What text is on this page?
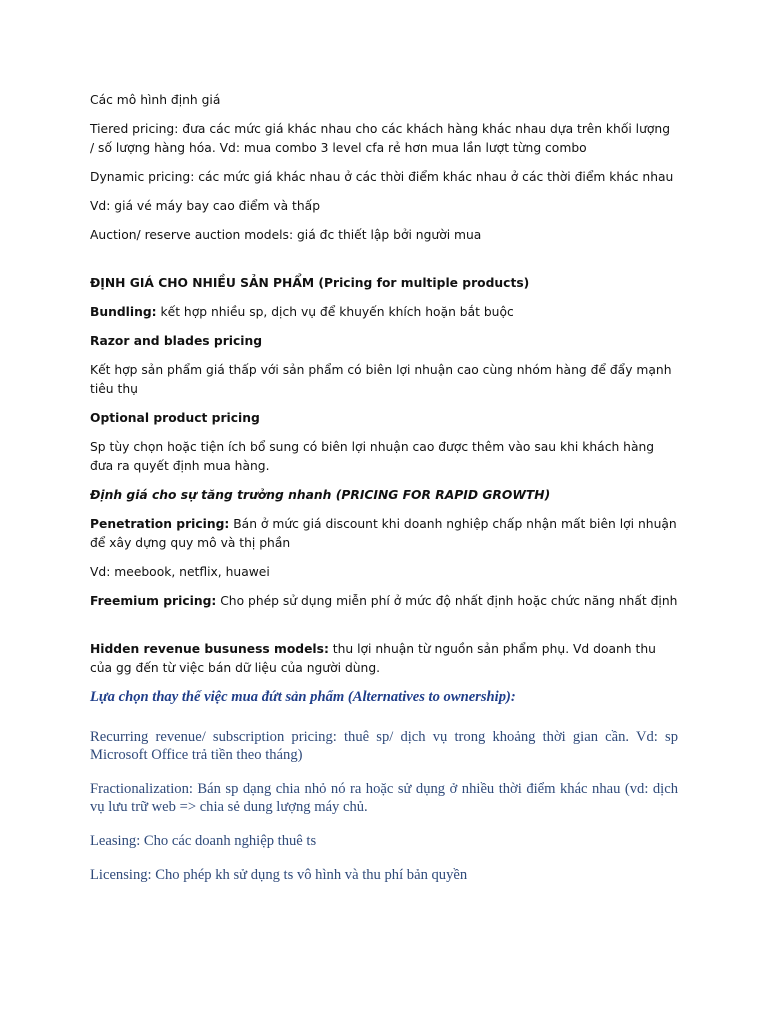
Các mô hình định giá

Tiered pricing: đưa các mức giá khác nhau cho các khách hàng khác nhau dựa trên khối lượng / số lượng hàng hóa. Vd: mua combo 3 level cfa rẻ hơn mua lần lượt từng combo

Dynamic pricing: các mức giá khác nhau ở các thời điểm khác nhau ở các thời điểm khác nhau

Vd: giá vé máy bay cao điểm và thấp

Auction/ reserve auction models: giá đc thiết lập bởi người mua

ĐỊNH GIÁ CHO NHIỀU SẢN PHẨM (Pricing for multiple products)

Bundling: kết hợp nhiều sp, dịch vụ để khuyến khích hoặn bắt buộc

Razor and blades pricing

Kết hợp sản phẩm giá thấp với sản phẩm có biên lợi nhuận cao cùng nhóm hàng để đẩy mạnh tiêu thụ

Optional product pricing

Sp tùy chọn hoặc tiện ích bổ sung có biên lợi nhuận cao được thêm vào sau khi khách hàng đưa ra quyết định mua hàng.

Định giá cho sự tăng trưởng nhanh (PRICING FOR RAPID GROWTH)

Penetration pricing: Bán ở mức giá discount khi doanh nghiệp chấp nhận mất biên lợi nhuận để xây dựng quy mô và thị phần

Vd: meebook, netflix, huawei

Freemium pricing: Cho phép sử dụng miễn phí ở mức độ nhất định hoặc chức năng nhất định

Hidden revenue busuness models: thu lợi nhuận từ nguồn sản phẩm phụ. Vd doanh thu của gg đến từ việc bán dữ liệu của người dùng.

Lựa chọn thay thế việc mua đứt sản phẩm (Alternatives to ownership):

Recurring revenue/ subscription pricing: thuê sp/ dịch vụ trong khoảng thời gian cần. Vd: sp Microsoft Office trả tiền theo tháng)

Fractionalization: Bán sp dạng chia nhỏ nó ra hoặc sử dụng ở nhiều thời điểm khác nhau (vd: dịch vụ lưu trữ web => chia sẻ dung lượng máy chủ.

Leasing: Cho các doanh nghiệp thuê ts

Licensing: Cho phép kh sử dụng ts vô hình và thu phí bản quyền
